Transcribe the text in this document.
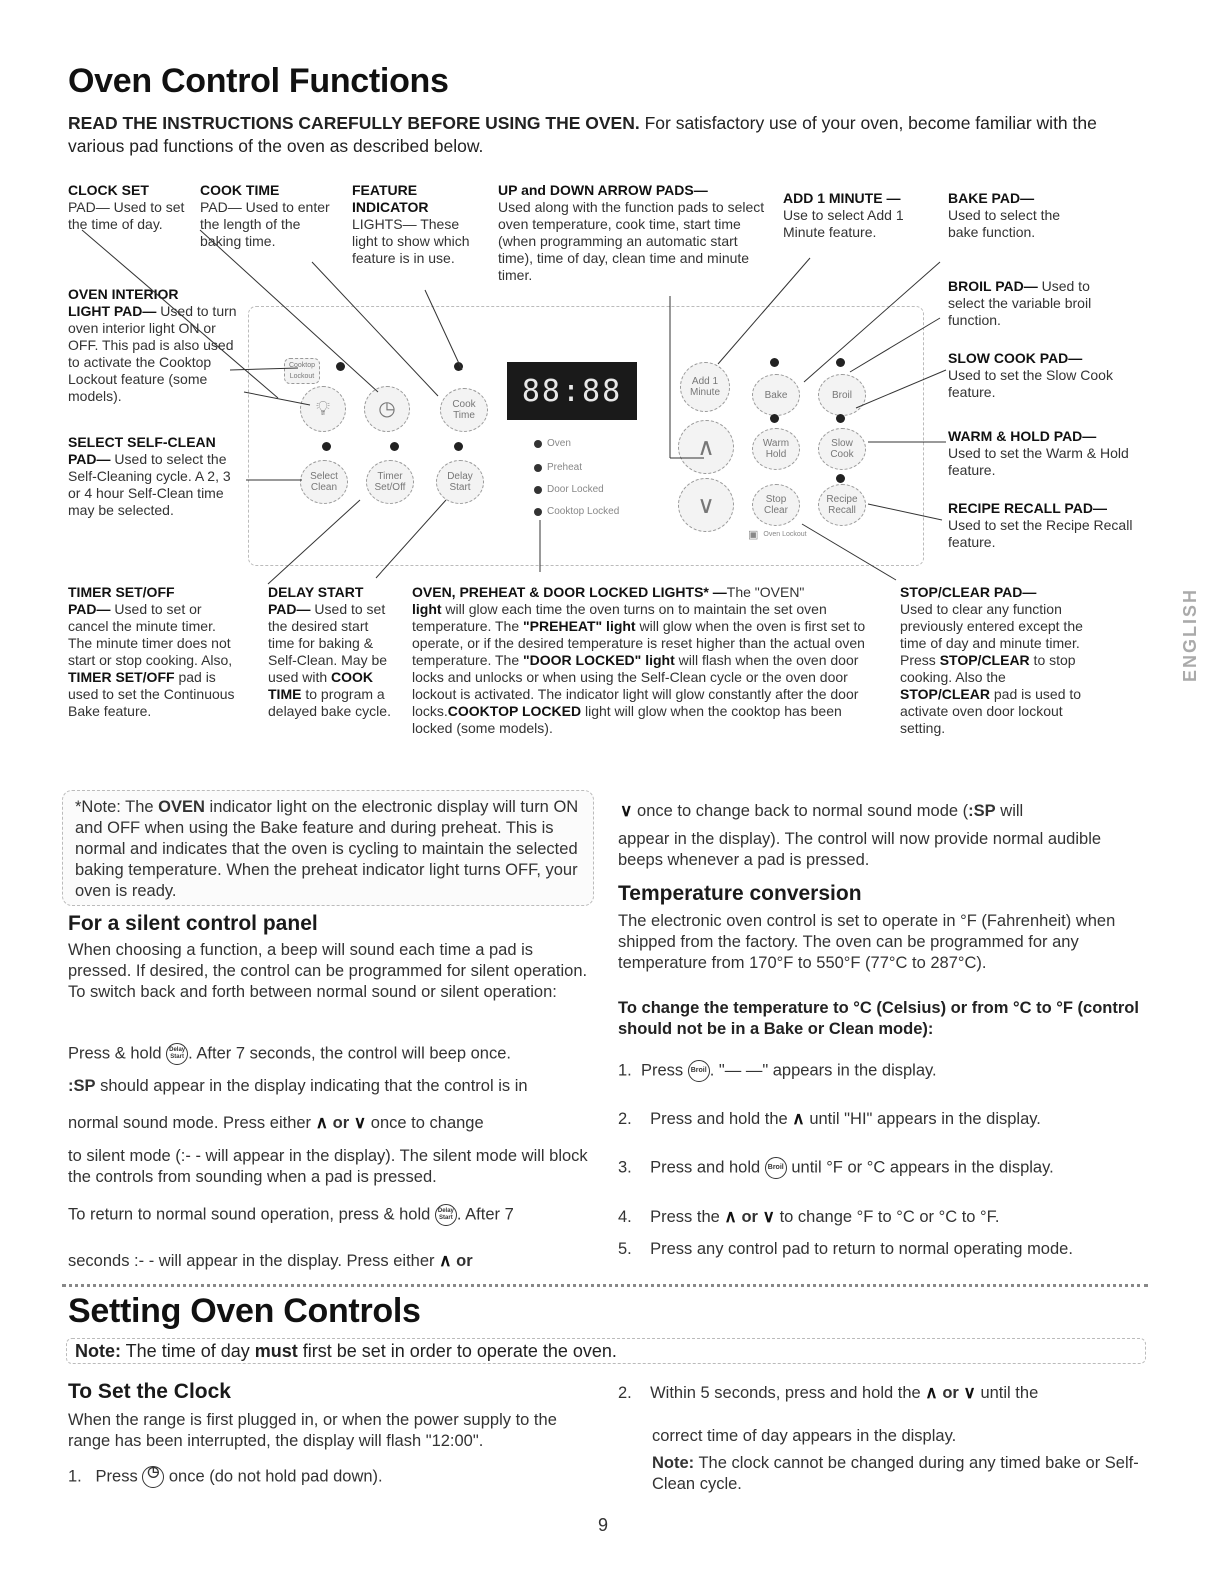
Oven Control Functions
READ THE INSTRUCTIONS CAREFULLY BEFORE USING THE OVEN. For satisfactory use of your oven, become familiar with the various pad functions of the oven as described below.
CLOCK SET
PAD— Used to set the time of day.
COOK TIME
PAD— Used to enter the length of the baking time.
FEATURE INDICATOR
LIGHTS— These light to show which feature is in use.
UP and DOWN ARROW PADS—
Used along with the function pads to select oven temperature, cook time, start time (when programming an automatic start time), time of day, clean time and minute timer.
ADD 1 MINUTE —
Use to select Add 1 Minute feature.
BAKE PAD—
Used to select the bake function.
BROIL PAD— Used to select the variable broil function.
SLOW COOK PAD—
Used to set the Slow Cook feature.
WARM & HOLD PAD—
Used to set the Warm & Hold feature.
RECIPE RECALL PAD—
Used to set the Recipe Recall feature.
OVEN INTERIOR
LIGHT PAD— Used to turn oven interior light ON or OFF. This pad is also used to activate the Cooktop Lockout feature (some models).
SELECT SELF-CLEAN
PAD— Used to select the Self-Cleaning cycle. A 2, 3 or 4 hour Self-Clean time may be selected.
Cooktop Lockout
💡︎ ◷	Cook Time
88:88
Select Clean
Timer Set/Off
Delay Start
Oven
Preheat
Door Locked
Cooktop Locked
Add 1 Minute	Bake	Broil
∧
∨
Warm Hold
Slow Cook
Stop Clear
Recipe Recall
▣ Oven Lockout
TIMER SET/OFF
PAD— Used to set or cancel the minute timer. The minute timer does not start or stop cooking. Also, TIMER SET/OFF pad is used to set the Continuous Bake feature.
DELAY START
PAD— Used to set the desired start time for baking & Self-Clean. May be used with COOK TIME to program a delayed bake cycle.
OVEN, PREHEAT & DOOR LOCKED LIGHTS* —The "OVEN"
light will glow each time the oven turns on to maintain the set oven temperature. The "PREHEAT" light will glow when the oven is first set to operate, or if the desired temperature is reset higher than the actual oven temperature. The "DOOR LOCKED" light will flash when the oven door locks and unlocks or when using the Self-Clean cycle or the oven door lockout is activated. The indicator light will glow constantly after the door locks.COOKTOP LOCKED light will glow when the cooktop has been locked (some models).
STOP/CLEAR PAD—
Used to clear any function previously entered except the time of day and minute timer. Press STOP/CLEAR to stop cooking. Also the STOP/CLEAR pad is used to activate oven door lockout setting.
ENGLISH
*Note: The OVEN indicator light on the electronic display will turn ON and OFF when using the Bake feature and during preheat. This is normal and indicates that the oven is cycling to maintain the selected baking temperature. When the preheat indicator light turns OFF, your oven is ready.
For a silent control panel
When choosing a function, a beep will sound each time a pad is pressed. If desired, the control can be programmed for silent operation. To switch back and forth between normal sound or silent operation:
Press & hold Delay Start . After 7 seconds, the control will beep once.
:SP should appear in the display indicating that the control is in
normal sound mode. Press either ∧ or ∨ once to change
to silent mode (:- - will appear in the display). The silent mode will block the controls from sounding when a pad is pressed.
To return to normal sound operation, press & hold Delay Start . After 7
seconds :- - will appear in the display. Press either ∧ or
∨ once to change back to normal sound mode (:SP will
appear in the display). The control will now provide normal audible beeps whenever a pad is pressed.
Temperature conversion
The electronic oven control is set to operate in °F (Fahrenheit) when shipped from the factory. The oven can be programmed for any temperature from 170°F to 550°F (77°C to 287°C).
To change the temperature to °C (Celsius) or from °C to °F (control should not be in a Bake or Clean mode):
1. Press Broil . "— —" appears in the display.
2. Press and hold the ∧ until "HI" appears in the display.
3. Press and hold Broil until °F or °C appears in the display.
4. Press the ∧ or ∨ to change °F to °C or °C to °F.
5. Press any control pad to return to normal operating mode.
Setting Oven Controls
Note: The time of day must first be set in order to operate the oven.
To Set the Clock
When the range is first plugged in, or when the power supply to the range has been interrupted, the display will flash "12:00".
1. Press ◷ once (do not hold pad down).
2. Within 5 seconds, press and hold the ∧ or ∨ until the
correct time of day appears in the display.
Note: The clock cannot be changed during any timed bake or Self-Clean cycle.
9
